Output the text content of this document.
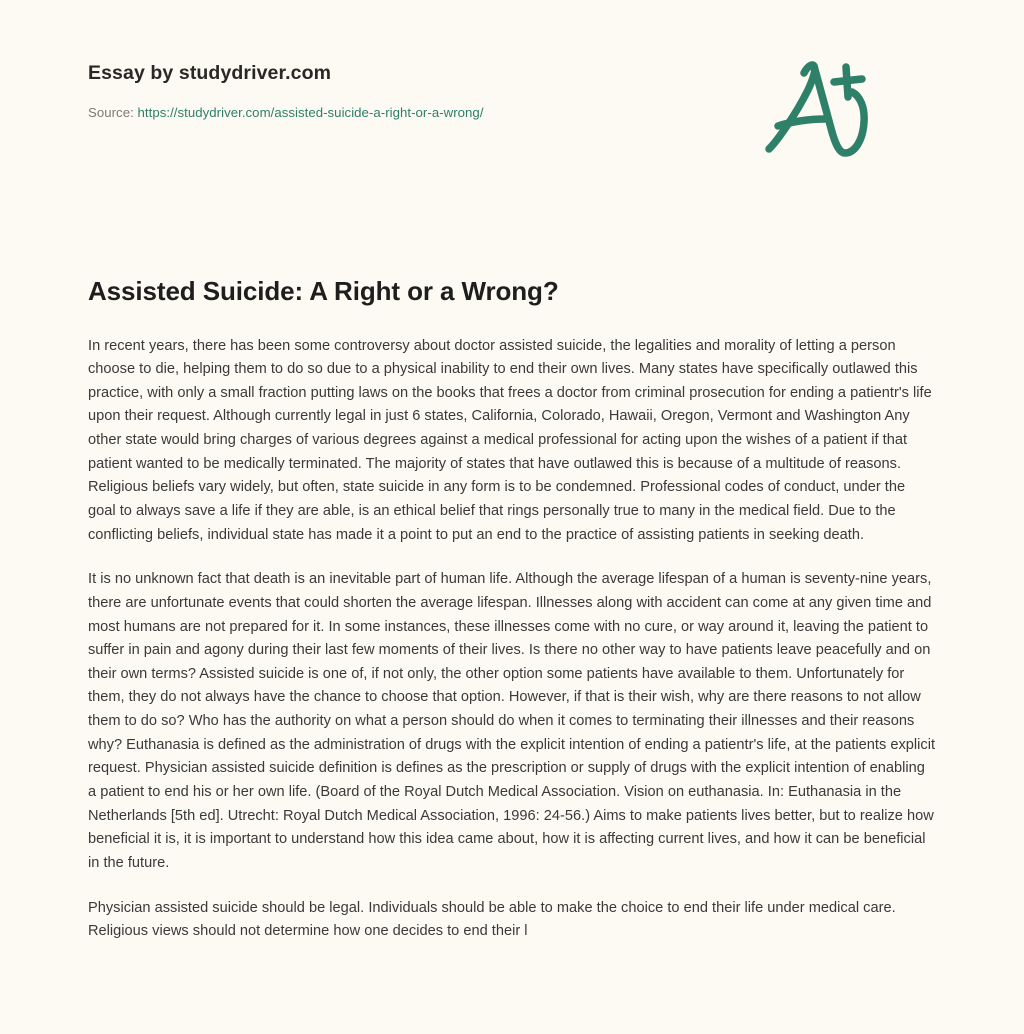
Essay by studydriver.com
Source: https://studydriver.com/assisted-suicide-a-right-or-a-wrong/
Assisted Suicide: A Right or a Wrong?

In recent years, there has been some controversy about doctor assisted suicide, the legalities and morality of letting a person choose to die, helping them to do so due to a physical inability to end their own lives. Many states have specifically outlawed this practice, with only a small fraction putting laws on the books that frees a doctor from criminal prosecution for ending a patientr's life upon their request. Although currently legal in just 6 states, California, Colorado, Hawaii, Oregon, Vermont and Washington Any other state would bring charges of various degrees against a medical professional for acting upon the wishes of a patient if that patient wanted to be medically terminated. The majority of states that have outlawed this is because of a multitude of reasons. Religious beliefs vary widely, but often, state suicide in any form is to be condemned. Professional codes of conduct, under the goal to always save a life if they are able, is an ethical belief that rings personally true to many in the medical field. Due to the conflicting beliefs, individual state has made it a point to put an end to the practice of assisting patients in seeking death.

It is no unknown fact that death is an inevitable part of human life. Although the average lifespan of a human is seventy-nine years, there are unfortunate events that could shorten the average lifespan. Illnesses along with accident can come at any given time and most humans are not prepared for it. In some instances, these illnesses come with no cure, or way around it, leaving the patient to suffer in pain and agony during their last few moments of their lives. Is there no other way to have patients leave peacefully and on their own terms? Assisted suicide is one of, if not only, the other option some patients have available to them. Unfortunately for them, they do not always have the chance to choose that option. However, if that is their wish, why are there reasons to not allow them to do so? Who has the authority on what a person should do when it comes to terminating their illnesses and their reasons why? Euthanasia is defined as the administration of drugs with the explicit intention of ending a patientr's life, at the patients explicit request. Physician assisted suicide definition is defines as the prescription or supply of drugs with the explicit intention of enabling a patient to end his or her own life. (Board of the Royal Dutch Medical Association. Vision on euthanasia. In: Euthanasia in the Netherlands [5th ed]. Utrecht: Royal Dutch Medical Association, 1996: 24-56.) Aims to make patients lives better, but to realize how beneficial it is, it is important to understand how this idea came about, how it is affecting current lives, and how it can be beneficial in the future.

Physician assisted suicide should be legal. Individuals should be able to make the choice to end their life under medical care. Religious views should not determine how one decides to end their l
